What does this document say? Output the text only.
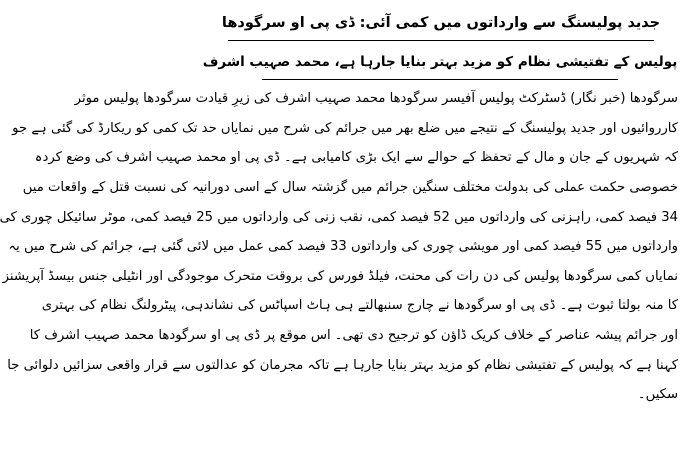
جدید پولیسنگ سے وارداتوں میں کمی آئی: ڈی پی او سرگودھا
پولیس کے تفتیشی نظام کو مزید بہتر بنایا جارہا ہے، محمد صہیب اشرف
سرگودھا (خبر نگار) ڈسٹرکٹ پولیس آفیسر سرگودھا محمد صہیب اشرف کی زیرِ قیادت سرگودھا پولیس موثر
کارروائیوں اور جدید پولیسنگ کے نتیجے میں ضلع بھر میں جرائم کی شرح میں نمایاں حد تک کمی کو ریکارڈ کی گئی ہے جو
کہ شہریوں کے جان و مال کے تحفظ کے حوالے سے ایک بڑی کامیابی ہے۔ ڈی پی او محمد صہیب اشرف کی وضع کردہ
خصوصی حکمت عملی کی بدولت مختلف سنگین جرائم میں گزشتہ سال کے اسی دورانیہ کی نسبت قتل کے واقعات میں
34 فیصد کمی، راہزنی کی وارداتوں میں 52 فیصد کمی، نقب زنی کی وارداتوں میں 25 فیصد کمی، موٹر سائیکل چوری کی
وارداتوں میں 55 فیصد کمی اور مویشی چوری کی وارداتوں 33 فیصد کمی عمل میں لائی گئی ہے، جرائم کی شرح میں یہ
نمایاں کمی سرگودھا پولیس کی دن رات کی محنت، فیلڈ فورس کی بروقت متحرک موجودگی اور انٹیلی جنس بیسڈ آپریشنز
کا منہ بولتا ثبوت ہے۔ ڈی پی او سرگودھا نے چارج سنبھالتے ہی ہاٹ اسپاٹس کی نشاندہی، پیٹرولنگ نظام کی بہتری
اور جرائم پیشہ عناصر کے خلاف کریک ڈاؤن کو ترجیح دی تھی۔ اس موقع پر ڈی پی او سرگودھا محمد صہیب اشرف کا
کہنا ہے کہ پولیس کے تفتیشی نظام کو مزید بہتر بنایا جارہا ہے تاکہ مجرمان کو عدالتوں سے قرار واقعی سزائیں دلوائی جا
سکیں۔
